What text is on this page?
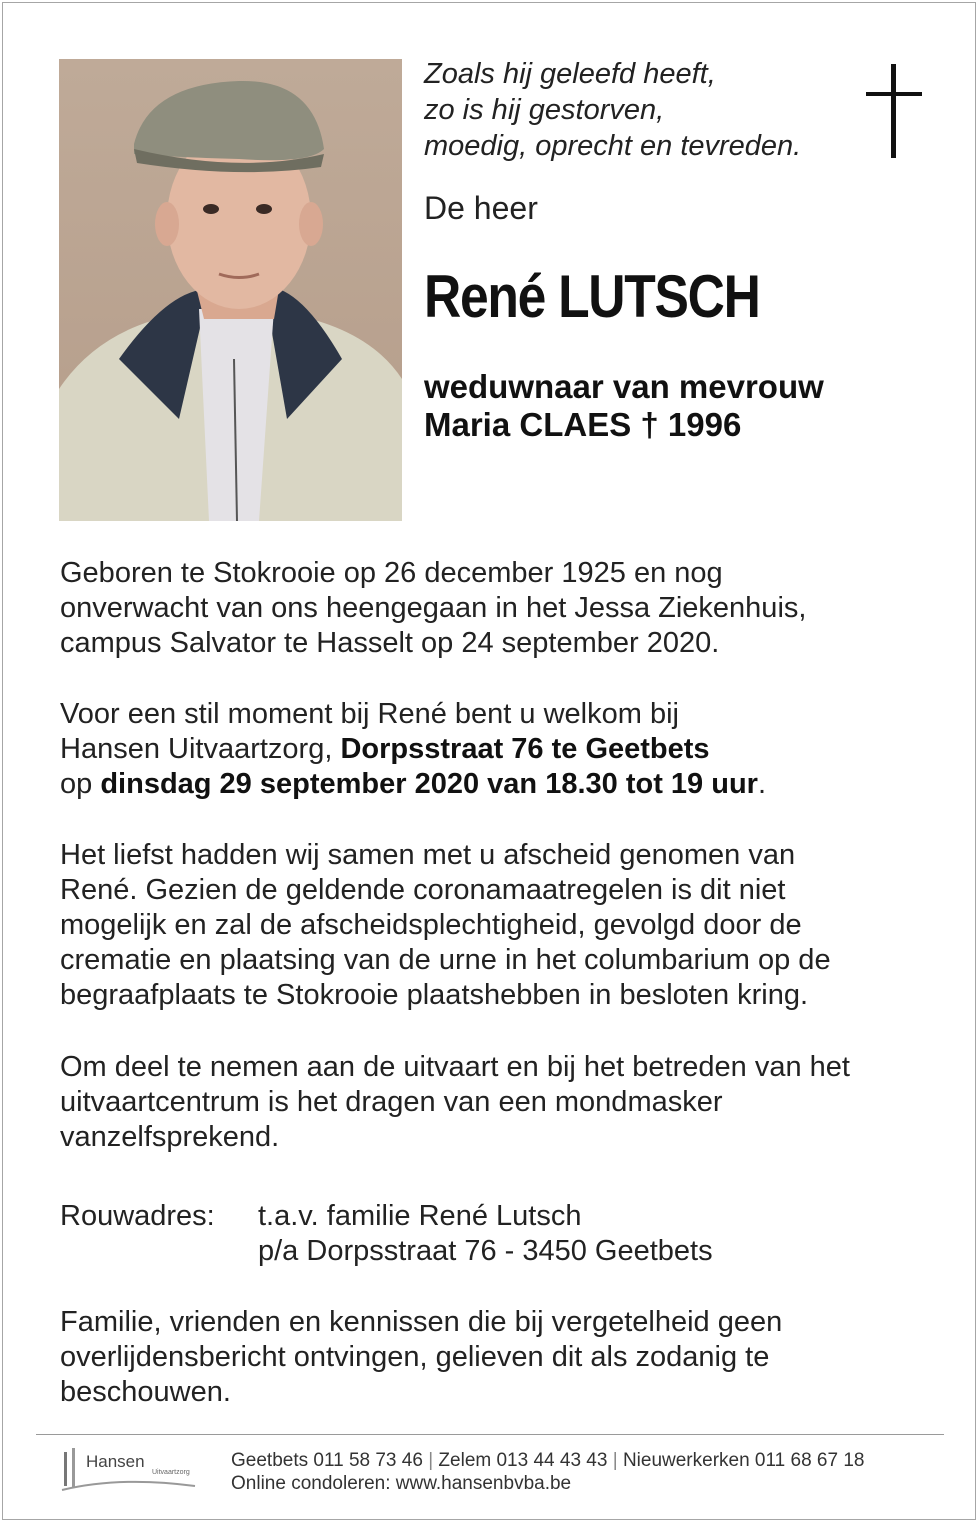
Zoals hij geleefd heeft,
zo is hij gestorven,
moedig, oprecht en tevreden.
De heer
René LUTSCH
weduwnaar van mevrouw
Maria CLAES † 1996
Geboren te Stokrooie op 26 december 1925 en nog
onverwacht van ons heengegaan in het Jessa Ziekenhuis,
campus Salvator te Hasselt op 24 september 2020.
Voor een stil moment bij René bent u welkom bij
Hansen Uitvaartzorg, Dorpsstraat 76 te Geetbets
op dinsdag 29 september 2020 van 18.30 tot 19 uur.
Het liefst hadden wij samen met u afscheid genomen van
René. Gezien de geldende coronamaatregelen is dit niet
mogelijk en zal de afscheidsplechtigheid, gevolgd door de
crematie en plaatsing van de urne in het columbarium op de
begraafplaats te Stokrooie plaatshebben in besloten kring.
Om deel te nemen aan de uitvaart en bij het betreden van het
uitvaartcentrum is het dragen van een mondmasker
vanzelfsprekend.
Rouwadres: t.a.v. familie René Lutsch
p/a Dorpsstraat 76 - 3450 Geetbets
Familie, vrienden en kennissen die bij vergetelheid geen
overlijdensbericht ontvingen, gelieven dit als zodanig te
beschouwen.
Hansen
Uitvaartzorg
Geetbets 011 58 73 46 | Zelem 013 44 43 43 | Nieuwerkerken 011 68 67 18
Online condoleren: www.hansenbvba.be
